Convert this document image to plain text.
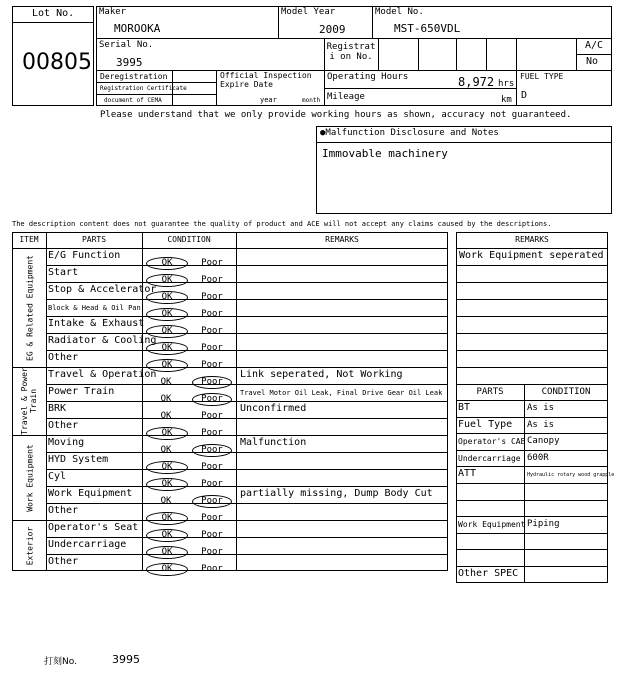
Lot No.
00805
Maker
MOROOKA
Model Year
2009
Model No.
MST-650VDL
Serial No.
3995
Registrati on No.
A/C
No
Deregistration
Registration Certificate
document of CEMA
Official Inspection Expire Date
year	month
Operating Hours	8,972 hrs
Mileage	km
FUEL TYPE
D
Please understand that we only provide working hours as shown, accuracy not guaranteed.
●Malfunction Disclosure and Notes
Immovable machinery
The description content does not guarantee the quality of product and ACE will not accept any claims caused by the descriptions.
ITEM	PARTS	CONDITION	REMARKS
EG & Related Equipment	E/G Function
OK	Poor
Start
OK	Poor
Stop & Accelerator
OK	Poor
Block & Head & Oil Pan
OK	Poor
Intake & Exhaust
OK	Poor
Radiator & Cooling
OK	Poor
Other
OK	Poor
Travel & Power Train
Travel & Operation
OK	Poor
Link seperated, Not Working
Power Train
OK	Poor
Travel Motor Oil Leak, Final Drive Gear Oil Leak
BRK
OK	Poor
Unconfirmed
Other
OK	Poor
Work Equipment
Moving
OK	Poor
Malfunction
HYD System
OK	Poor
Cyl
OK	Poor
Work Equipment
OK	Poor
partially missing, Dump Body Cut
Other
OK	Poor
Exterior	Operator's Seat
OK	Poor
Undercarriage
OK	Poor
Other
OK	Poor
REMARKS
Work Equipment seperated
PARTS	CONDITION
BT	As is
Fuel Type As is
Operator's CAB Canopy
Undercarriage 600R
ATT	Hydraulic rotary wood grapple
Work Equipment Piping
Other SPEC
打刻No.	3995
